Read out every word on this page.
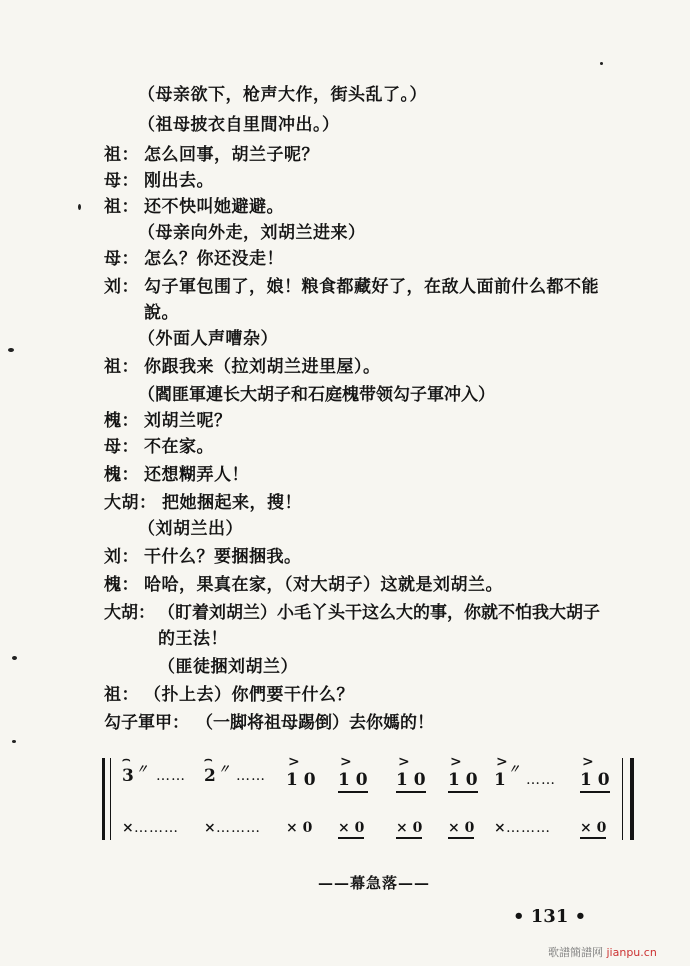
（母亲欲下，枪声大作，街头乱了。）
（祖母披衣自里間冲出。）
祖： 怎么回事，胡兰子呢？
母： 刚出去。
祖： 还不快叫她避避。
（母亲向外走，刘胡兰进来）
母： 怎么？你还没走！
刘： 勾子軍包围了，娘！粮食都藏好了，在敌人面前什么都不能
說。
（外面人声嘈杂）
祖： 你跟我来（拉刘胡兰进里屋）。
（閻匪軍連长大胡子和石庭槐带领勾子軍冲入）
槐： 刘胡兰呢？
母： 不在家。
槐： 还想糊弄人！
大胡： 把她捆起来，搜！
（刘胡兰出）
刘： 干什么？要捆捆我。
槐： 哈哈，果真在家，（对大胡子）这就是刘胡兰。
大胡： （盯着刘胡兰）小毛丫头干这么大的事，你就不怕我大胡子
的王法！
（匪徒捆刘胡兰）
祖： （扑上去）你們要干什么？
勾子軍甲： （一脚将祖母踢倒）去你媽的！
⌢
3 〃 ……
⌢
2 〃 ……
>
1 0
>
1 0
>
1 0
>
1 0
>
1
〃
……
>
1 0
× ……… × ……… × 0 × 0 × 0 × 0 × ……… × 0
——幕急落——
• 131 •
歌譜簡譜网 jianpu.cn
